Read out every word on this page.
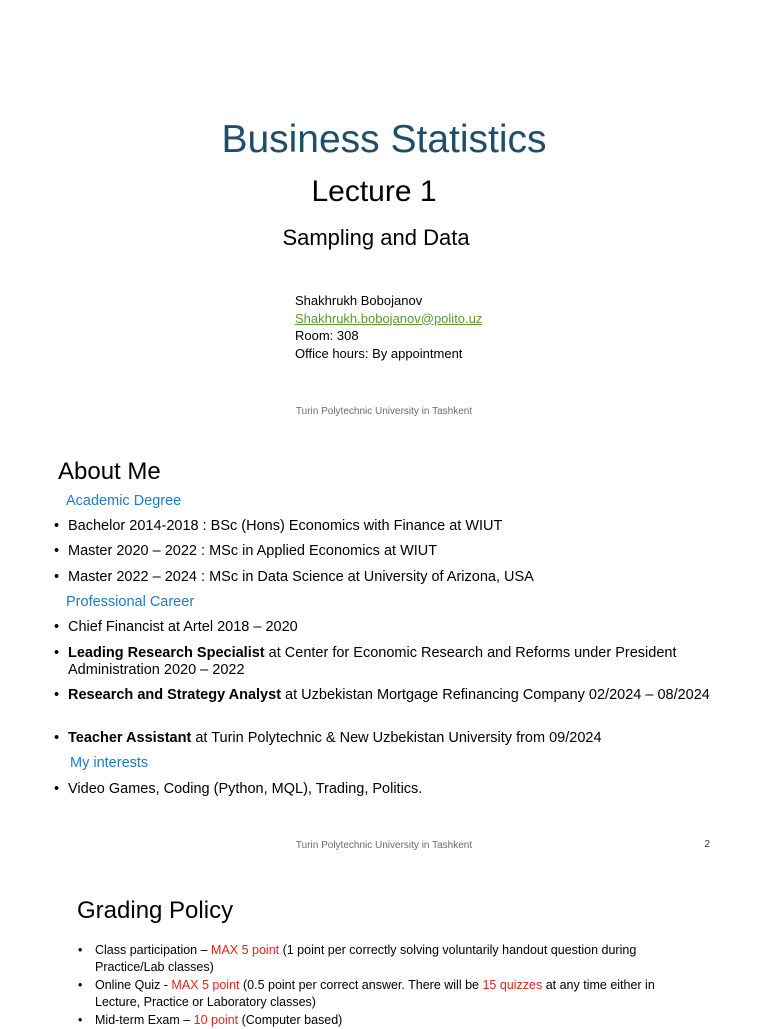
Business Statistics
Lecture 1
Sampling and Data
Shakhrukh Bobojanov
Shakhrukh.bobojanov@polito.uz
Room: 308
Office hours: By appointment
Turin Polytechnic University in Tashkent
About Me
Academic Degree
• Bachelor 2014-2018 : BSc (Hons) Economics with Finance at WIUT
• Master 2020 – 2022 : MSc in Applied Economics at WIUT
• Master 2022 – 2024 : MSc in Data Science at University of Arizona, USA
Professional Career
• Chief Financist at Artel 2018 – 2020
• Leading Research Specialist at Center for Economic Research and Reforms under President Administration 2020 – 2022
• Research and Strategy Analyst at Uzbekistan Mortgage Refinancing Company 02/2024 – 08/2024
• Teacher Assistant at Turin Polytechnic & New Uzbekistan University from 09/2024
My interests
• Video Games, Coding (Python, MQL), Trading, Politics.
Turin Polytechnic University in Tashkent	2
Grading Policy
• Class participation – MAX 5 point (1 point per correctly solving voluntarily handout question during Practice/Lab classes)
• Online Quiz - MAX 5 point (0.5 point per correct answer. There will be 15 quizzes at any time either in Lecture, Practice or Laboratory classes)
• Mid-term Exam – 10 point (Computer based)
